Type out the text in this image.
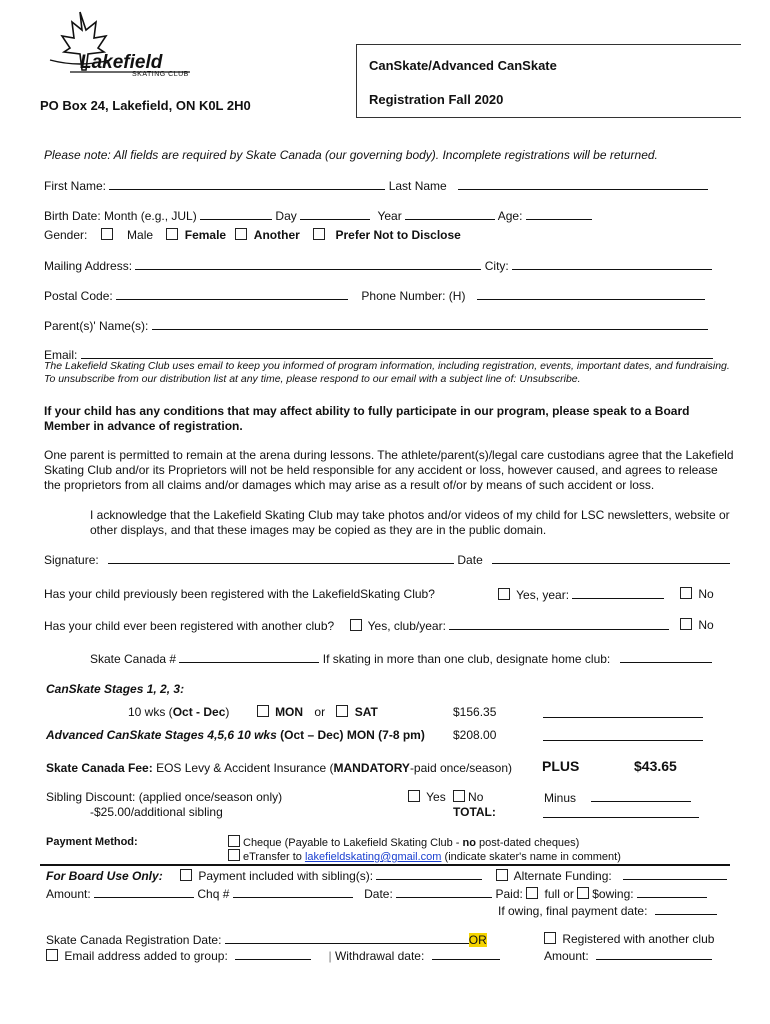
Lakefield
SKATING CLUB
PO Box 24, Lakefield, ON K0L 2H0
CanSkate/Advanced CanSkate
Registration Fall 2020
Please note: All fields are required by Skate Canada (our governing body). Incomplete registrations will be returned.
First Name:	Last Name
Birth Date: Month (e.g., JUL)	Day	Year	Age:
Gender:	Male	Female Another	Prefer Not to Disclose
Mailing Address:	City:
Postal Code:	Phone Number: (H)
Parent(s)' Name(s):
Email:
The Lakefield Skating Club uses email to keep you informed of program information, including registration, events, important dates, and fundraising. To unsubscribe from our distribution list at any time, please respond to our email with a subject line of: Unsubscribe.
If your child has any conditions that may affect ability to fully participate in our program, please speak to a Board Member in advance of registration.
One parent is permitted to remain at the arena during lessons. The athlete/parent(s)/legal care custodians agree that the Lakefield Skating Club and/or its Proprietors will not be held responsible for any accident or loss, however caused, and agrees to release the proprietors from all claims and/or damages which may arise as a result of/or by means of such accident or loss.
I acknowledge that the Lakefield Skating Club may take photos and/or videos of my child for LSC newsletters, website or other displays, and that these images may be copied as they are in the public domain.
Signature:	Date
Has your child previously been registered with the LakefieldSkating Club?	Yes, year:	No
Has your child ever been registered with another club?	Yes, club/year:	No
Skate Canada #	If skating in more than one club, designate home club:
CanSkate Stages 1, 2, 3:
10 wks (Oct - Dec)	MON or SAT	$156.35
Advanced CanSkate Stages 4,5,6 10 wks (Oct – Dec) MON (7-8 pm) $208.00
Skate Canada Fee: EOS Levy & Accident Insurance (MANDATORY-paid once/season) PLUS	$43.65
Sibling Discount: (applied once/season only)
-$25.00/additional sibling
Yes No
TOTAL:
Minus
Payment Method:	Cheque (Payable to Lakefield Skating Club - no post-dated cheques)
eTransfer to lakefieldskating@gmail.com (indicate skater's name in comment)
For Board Use Only:	Payment included with sibling(s):	Alternate Funding:
Amount:	Chq #	Date:	Paid: full or $owing:
If owing, final payment date:
Skate Canada Registration Date:	OR	Registered with another club
Email address added to group:	| Withdrawal date:	Amount:
